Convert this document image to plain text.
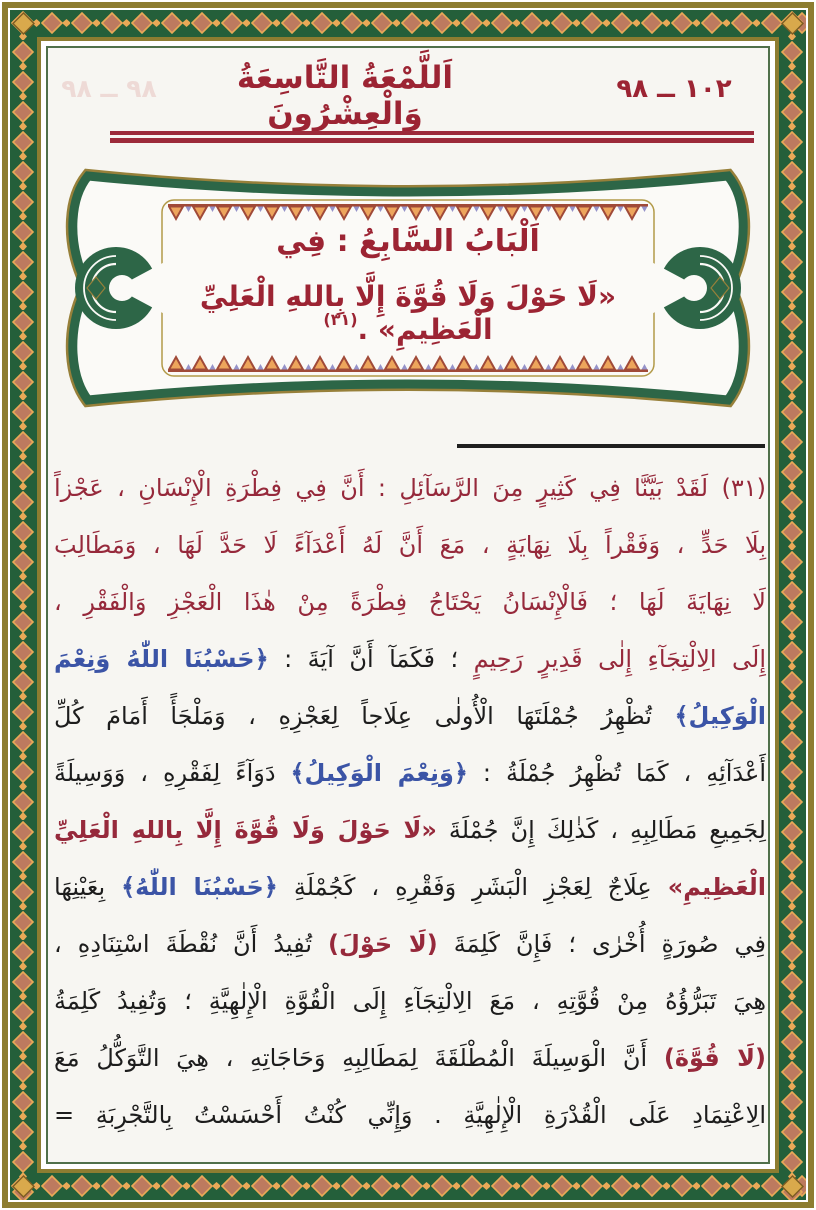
٩٨ ــ ٩٨	اَللَّمْعَةُ التَّاسِعَةُ وَالْعِشْرُونَ
٩٨ ــ ١٠٢
اَلْبَابُ السَّابِعُ : فِي
«لَا حَوْلَ وَلَا قُوَّةَ إِلَّا بِاللهِ الْعَلِيِّ الْعَظِيمِ» .$^{(٣١)}$
(٣١) لَقَدْ بَيَّنَّا فِي كَثِيرٍ مِنَ الرَّسَآئِلِ : أَنَّ فِي فِطْرَةِ الْإِنْسَانِ ، عَجْزاً
بِلَا حَدٍّ ، وَفَقْراً بِلَا نِهَايَةٍ ، مَعَ أَنَّ لَهُ أَعْدَآءً لَا حَدَّ لَهَا ، وَمَطَالِبَ
لَا نِهَايَةَ لَهَا ؛ فَالْإِنْسَانُ يَحْتَاجُ فِطْرَةً مِنْ هٰذَا الْعَجْزِ وَالْفَقْرِ ،
إِلَى الِالْتِجَآءِ إِلٰى قَدِيرٍ رَحِيمٍ ؛ فَكَمَآ أَنَّ آيَةَ : ﴿حَسْبُنَا اللّٰهُ وَنِعْمَ
الْوَكِيلُ﴾ تُظْهِرُ جُمْلَتَهَا الْأُولٰى عِلَاجاً لِعَجْزِهِ ، وَمَلْجَأً أَمَامَ كُلِّ
أَعْدَآئِهِ ، كَمَا تُظْهِرُ جُمْلَةُ : ﴿وَنِعْمَ الْوَكِيلُ﴾ دَوَآءً لِفَقْرِهِ ، وَوَسِيلَةً
لِجَمِيعِ مَطَالِبِهِ ، كَذٰلِكَ إِنَّ جُمْلَةَ «لَا حَوْلَ وَلَا قُوَّةَ إِلَّا بِاللهِ الْعَلِيِّ
الْعَظِيمِ» عِلَاجٌ لِعَجْزِ الْبَشَرِ وَفَقْرِهِ ، كَجُمْلَةِ ﴿حَسْبُنَا اللّٰهُ﴾ بِعَيْنِهَا
فِي صُورَةٍ أُخْرٰى ؛ فَإِنَّ كَلِمَةَ (لَا حَوْلَ) تُفِيدُ أَنَّ نُقْطَةَ اسْتِنَادِهِ ،
هِيَ تَبَرُّؤُهُ مِنْ قُوَّتِهِ ، مَعَ الِالْتِجَآءِ إِلَى الْقُوَّةِ الْإِلٰهِيَّةِ ؛ وَتُفِيدُ كَلِمَةُ
(لَا قُوَّةَ) أَنَّ الْوَسِيلَةَ الْمُطْلَقَةَ لِمَطَالِبِهِ وَحَاجَاتِهِ ، هِيَ التَّوَكُّلُ مَعَ
الِاعْتِمَادِ عَلَى الْقُدْرَةِ الْإِلٰهِيَّةِ . وَإِنِّي كُنْتُ أَحْسَسْتُ بِالتَّجْرِبَةِ =
